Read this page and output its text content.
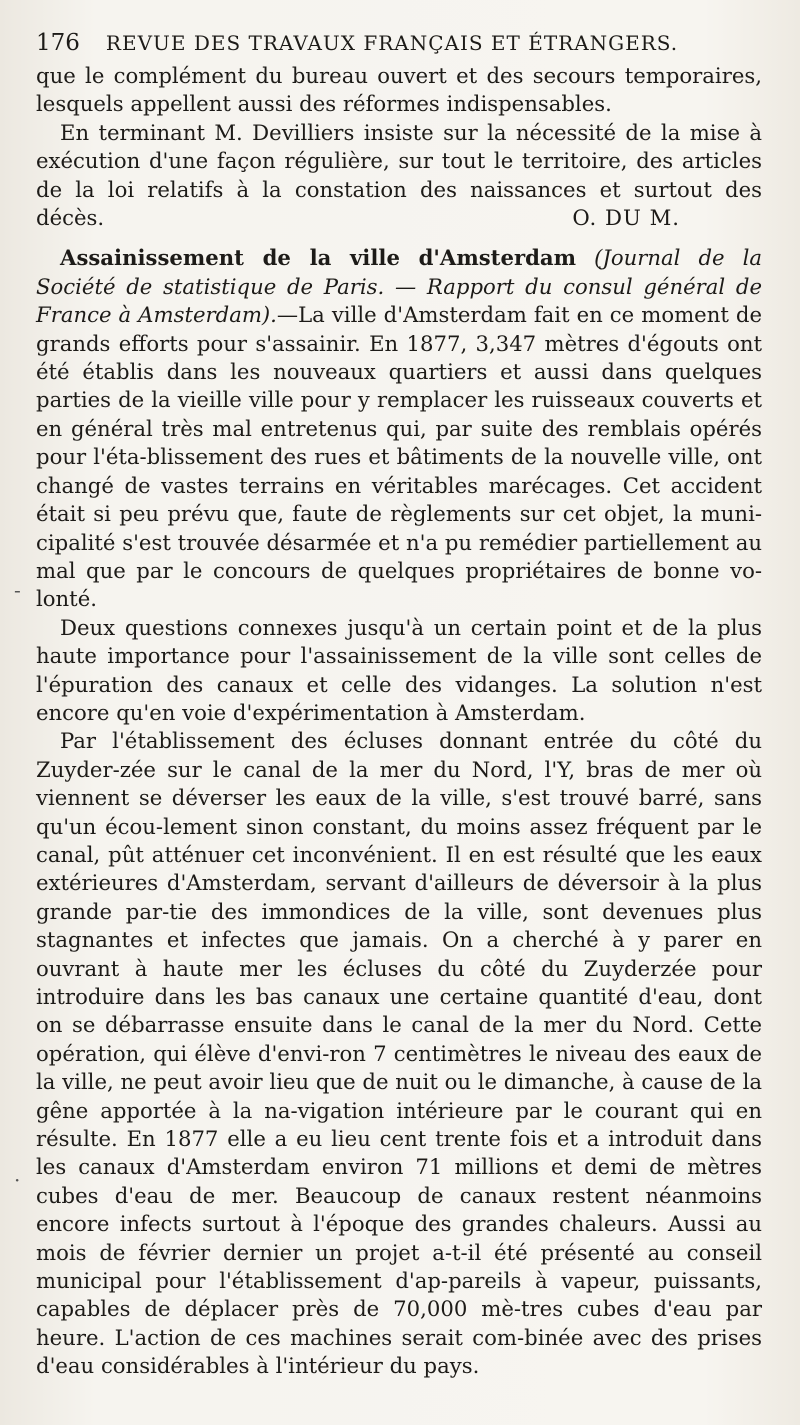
176 REVUE DES TRAVAUX FRANÇAIS ET ÉTRANGERS.

que le complément du bureau ouvert et des secours temporaires,

lesquels appellent aussi des réformes indispensables.

En terminant M. Devilliers insiste sur la nécessité de la mise à exécution d'une façon régulière, sur tout le territoire, des articles de la loi relatifs à la constation des naissances et surtout des

décès.	O. DU M.

Assainissement de la ville d'Amsterdam (Journal de la Société de statistique de Paris. — Rapport du consul général de France à Amsterdam).—La ville d'Amsterdam fait en ce moment de grands efforts pour s'assainir. En 1877, 3,347 mètres d'égouts ont été établis dans les nouveaux quartiers et aussi dans quelques parties de la vieille ville pour y remplacer les ruisseaux couverts et en général très mal entretenus qui, par suite des remblais opérés pour l'éta-blissement des rues et bâtiments de la nouvelle ville, ont changé de vastes terrains en véritables marécages. Cet accident était si peu prévu que, faute de règlements sur cet objet, la muni-cipalité s'est trouvée désarmée et n'a pu remédier partiellement au mal que par le concours de quelques propriétaires de bonne vo-lonté.

Deux questions connexes jusqu'à un certain point et de la plus haute importance pour l'assainissement de la ville sont celles de l'épuration des canaux et celle des vidanges. La solution n'est encore qu'en voie d'expérimentation à Amsterdam.

Par l'établissement des écluses donnant entrée du côté du Zuyder-zée sur le canal de la mer du Nord, l'Y, bras de mer où viennent se déverser les eaux de la ville, s'est trouvé barré, sans qu'un écou-lement sinon constant, du moins assez fréquent par le canal, pût atténuer cet inconvénient. Il en est résulté que les eaux extérieures d'Amsterdam, servant d'ailleurs de déversoir à la plus grande par-tie des immondices de la ville, sont devenues plus stagnantes et infectes que jamais. On a cherché à y parer en ouvrant à haute mer les écluses du côté du Zuyderzée pour introduire dans les bas canaux une certaine quantité d'eau, dont on se débarrasse ensuite dans le canal de la mer du Nord. Cette opération, qui élève d'envi-ron 7 centimètres le niveau des eaux de la ville, ne peut avoir lieu que de nuit ou le dimanche, à cause de la gêne apportée à la na-vigation intérieure par le courant qui en résulte. En 1877 elle a eu lieu cent trente fois et a introduit dans les canaux d'Amsterdam environ 71 millions et demi de mètres cubes d'eau de mer. Beaucoup de canaux restent néanmoins encore infects surtout à l'époque des grandes chaleurs. Aussi au mois de février dernier un projet a-t-il été présenté au conseil municipal pour l'établissement d'ap-pareils à vapeur, puissants, capables de déplacer près de 70,000 mè-tres cubes d'eau par heure. L'action de ces machines serait com-binée avec des prises d'eau considérables à l'intérieur du pays.

-
·
